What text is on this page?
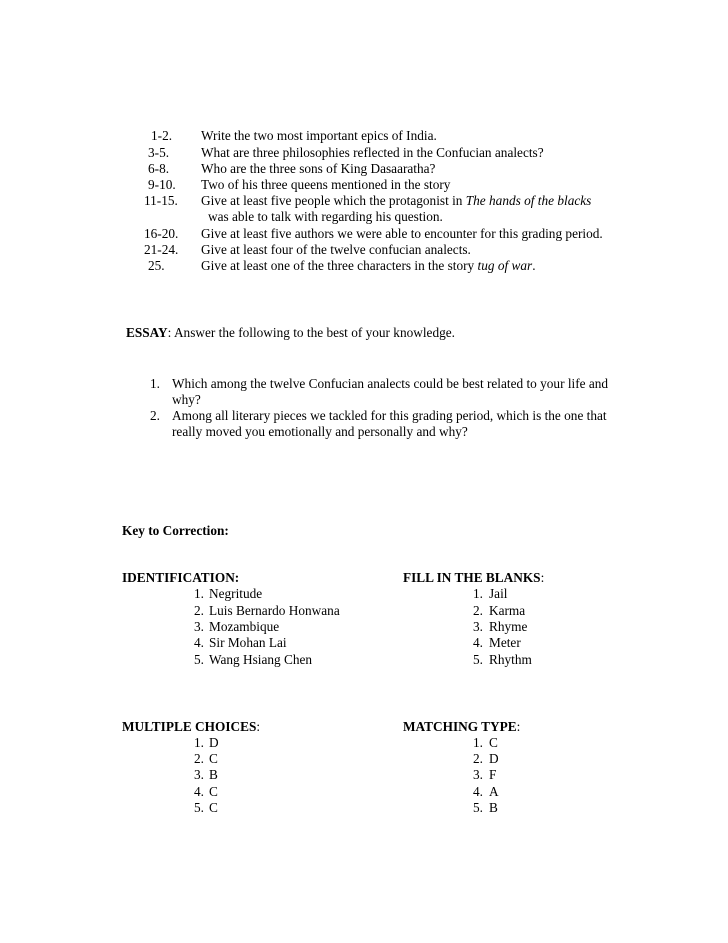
1-2. Write the two most important epics of India.
3-5. What are three philosophies reflected in the Confucian analects?
6-8. Who are the three sons of King Dasaaratha?
9-10. Two of his three queens mentioned in the story
11-15. Give at least five people which the protagonist in The hands of the blacks
was able to talk with regarding his question.
16-20. Give at least five authors we were able to encounter for this grading period.
21-24. Give at least four of the twelve confucian analects.
25.	Give at least one of the three characters in the story tug of war.
ESSAY: Answer the following to the best of your knowledge.
1. Which among the twelve Confucian analects could be best related to your life and
why?
2. Among all literary pieces we tackled for this grading period, which is the one that
really moved you emotionally and personally and why?
Key to Correction:
IDENTIFICATION:
1. Negritude
2. Luis Bernardo Honwana
3. Mozambique
4. Sir Mohan Lai
5. Wang Hsiang Chen
FILL IN THE BLANKS:
1. Jail
2. Karma
3. Rhyme
4. Meter
5. Rhythm
MULTIPLE CHOICES:
1. D
2. C
3. B
4. C
5. C
MATCHING TYPE:
1. C
2. D
3. F
4. A
5. B
